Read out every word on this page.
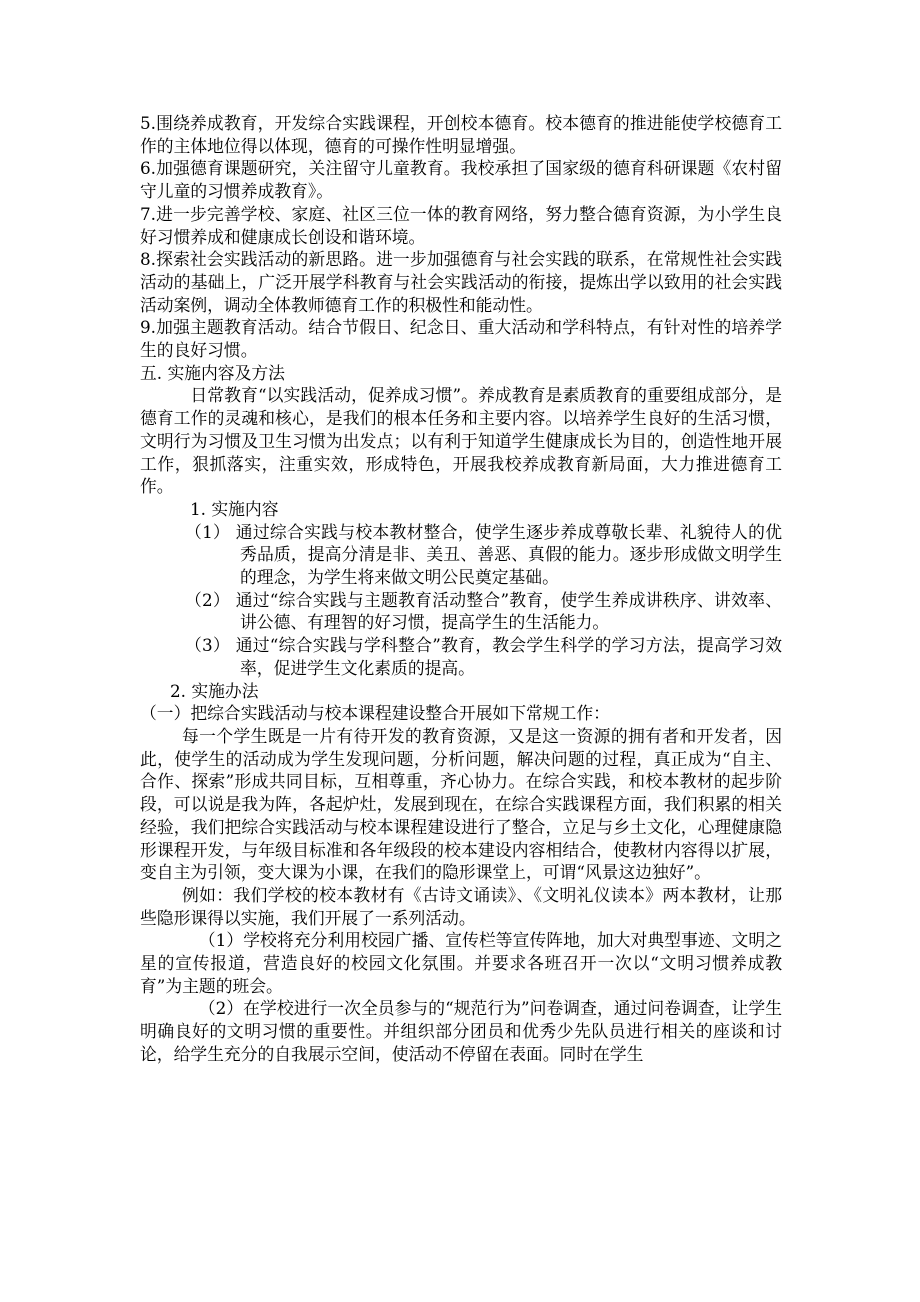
5.围绕养成教育，开发综合实践课程，开创校本德育。校本德育的推进能使学校德育工作的主体地位得以体现，德育的可操作性明显增强。

6.加强德育课题研究，关注留守儿童教育。我校承担了国家级的德育科研课题《农村留守儿童的习惯养成教育》。

7.进一步完善学校、家庭、社区三位一体的教育网络，努力整合德育资源，为小学生良好习惯养成和健康成长创设和谐环境。

8.探索社会实践活动的新思路。进一步加强德育与社会实践的联系，在常规性社会实践活动的基础上，广泛开展学科教育与社会实践活动的衔接，提炼出学以致用的社会实践活动案例，调动全体教师德育工作的积极性和能动性。

9.加强主题教育活动。结合节假日、纪念日、重大活动和学科特点，有针对性的培养学生的良好习惯。

五. 实施内容及方法

日常教育“以实践活动，促养成习惯”。养成教育是素质教育的重要组成部分，是德育工作的灵魂和核心，是我们的根本任务和主要内容。以培养学生良好的生活习惯，文明行为习惯及卫生习惯为出发点；以有利于知道学生健康成长为目的，创造性地开展工作，狠抓落实，注重实效，形成特色，开展我校养成教育新局面，大力推进德育工作。

1. 实施内容

（1） 通过综合实践与校本教材整合，使学生逐步养成尊敬长辈、礼貌待人的优秀品质，提高分清是非、美丑、善恶、真假的能力。逐步形成做文明学生的理念，为学生将来做文明公民奠定基础。

（2） 通过“综合实践与主题教育活动整合”教育，使学生养成讲秩序、讲效率、讲公德、有理智的好习惯，提高学生的生活能力。

（3） 通过“综合实践与学科整合”教育，教会学生科学的学习方法，提高学习效率，促进学生文化素质的提高。

2. 实施办法

（一）把综合实践活动与校本课程建设整合开展如下常规工作：

每一个学生既是一片有待开发的教育资源，又是这一资源的拥有者和开发者，因此，使学生的活动成为学生发现问题，分析问题，解决问题的过程，真正成为“自主、合作、探索”形成共同目标，互相尊重，齐心协力。在综合实践，和校本教材的起步阶段，可以说是我为阵，各起炉灶，发展到现在，在综合实践课程方面，我们积累的相关经验，我们把综合实践活动与校本课程建设进行了整合，立足与乡土文化，心理健康隐形课程开发，与年级目标准和各年级段的校本建设内容相结合，使教材内容得以扩展，变自主为引领，变大课为小课，在我们的隐形课堂上，可谓“风景这边独好”。

例如：我们学校的校本教材有《古诗文诵读》、《文明礼仪读本》两本教材，让那些隐形课得以实施，我们开展了一系列活动。

（1）学校将充分利用校园广播、宣传栏等宣传阵地，加大对典型事迹、文明之星的宣传报道，营造良好的校园文化氛围。并要求各班召开一次以“文明习惯养成教育”为主题的班会。

（2）在学校进行一次全员参与的“规范行为”问卷调查，通过问卷调查，让学生明确良好的文明习惯的重要性。并组织部分团员和优秀少先队员进行相关的座谈和讨论，给学生充分的自我展示空间，使活动不停留在表面。同时在学生
